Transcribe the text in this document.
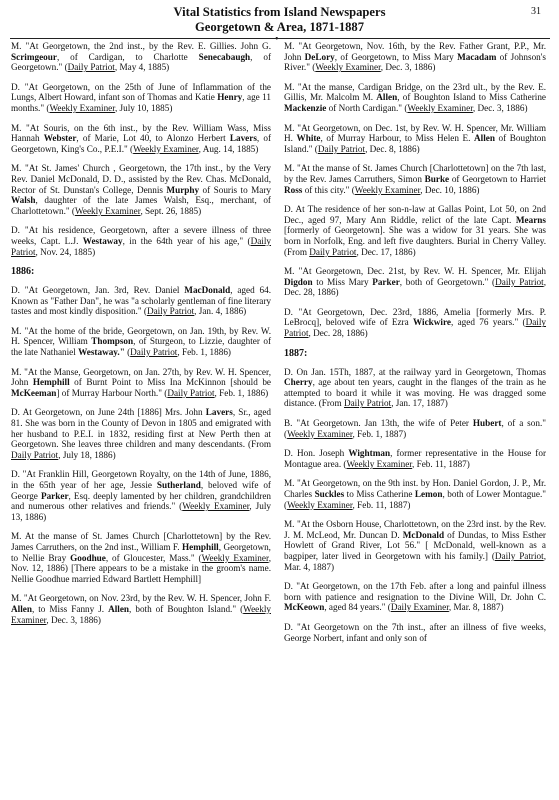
31
Vital Statistics from Island Newspapers
Georgetown & Area, 1871-1887
•

M. "At Georgetown, the 2nd inst., by the Rev. E. Gillies. John G. Scrimgeour, of Cardigan, to Charlotte Senecabaugh, of Georgetown." (Daily Patriot, May 4, 1885)

D. "At Georgetown, on the 25th of June of Inflammation of the Lungs, Albert Howard, infant son of Thomas and Katie Henry, age 11 months." (Weekly Examiner, July 10, 1885)

M. "At Souris, on the 6th inst., by the Rev. William Wass, Miss Hannah Webster, of Marie, Lot 40, to Alonzo Herbert Lavers, of Georgetown, King's Co., P.E.I." (Weekly Examiner, Aug. 14, 1885)

M. "At St. James' Church , Georgetown, the 17th inst., by the Very Rev. Daniel McDonald, D. D., assisted by the Rev. Chas. McDonald, Rector of St. Dunstan's College, Dennis Murphy of Souris to Mary Walsh, daughter of the late James Walsh, Esq., merchant, of Charlottetown." (Weekly Examiner, Sept. 26, 1885)

D. "At his residence, Georgetown, after a severe illness of three weeks, Capt. L.J. Westaway, in the 64th year of his age," (Daily Patriot, Nov. 24, 1885)

1886:

D. "At Georgetown, Jan. 3rd, Rev. Daniel MacDonald, aged 64. Known as "Father Dan", he was "a scholarly gentleman of fine literary tastes and most kindly disposition." (Daily Patriot, Jan. 4, 1886)

M. "At the home of the bride, Georgetown, on Jan. 19th, by Rev. W. H. Spencer, William Thompson, of Sturgeon, to Lizzie, daughter of the late Nathaniel Westaway." (Daily Patriot, Feb. 1, 1886)

M. "At the Manse, Georgetown, on Jan. 27th, by Rev. W. H. Spencer, John Hemphill of Burnt Point to Miss Ina McKinnon [should be McKeeman] of Murray Harbour North." (Daily Patriot, Feb. 1, 1886)

D. At Georgetown, on June 24th [1886] Mrs. John Lavers, Sr., aged 81. She was born in the County of Devon in 1805 and emigrated with her husband to P.E.I. in 1832, residing first at New Perth then at Georgetown. She leaves three children and many descendants. (From Daily Patriot, July 18, 1886)

D. "At Franklin Hill, Georgetown Royalty, on the 14th of June, 1886, in the 65th year of her age, Jessie Sutherland, beloved wife of George Parker, Esq. deeply lamented by her children, grandchildren and numerous other relatives and friends." (Weekly Examiner, July 13, 1886)

M. At the manse of St. James Church [Charlottetown] by the Rev. James Carruthers, on the 2nd inst., William F. Hemphill, Georgetown, to Nellie Bray Goodhue, of Gloucester, Mass." (Weekly Examiner, Nov. 12, 1886) [There appears to be a mistake in the groom's name. Nellie Goodhue married Edward Bartlett Hemphill]

M. "At Georgetown, on Nov. 23rd, by the Rev. W. H. Spencer, John F. Allen, to Miss Fanny J. Allen, both of Boughton Island." (Weekly Examiner, Dec. 3, 1886)

M. "At Georgetown, Nov. 16th, by the Rev. Father Grant, P.P., Mr. John DeLory, of Georgetown, to Miss Mary Macadam of Johnson's River." (Weekly Examiner, Dec. 3, 1886)

M. "At the manse, Cardigan Bridge, on the 23rd ult., by the Rev. E. Gillis, Mr. Malcolm M. Allen, of Boughton Island to Miss Catherine Mackenzie of North Cardigan." (Weekly Examiner, Dec. 3, 1886)

M. "At Georgetown, on Dec. 1st, by Rev. W. H. Spencer, Mr. William H. White, of Murray Harbour, to Miss Helen E. Allen of Boughton Island." (Daily Patriot, Dec. 8, 1886)

M. "At the manse of St. James Church [Charlottetown] on the 7th last, by the Rev. James Carruthers, Simon Burke of Georgetown to Harriet Ross of this city." (Weekly Examiner, Dec. 10, 1886)

D. At The residence of her son-n-law at Gallas Point, Lot 50, on 2nd Dec., aged 97, Mary Ann Riddle, relict of the late Capt. Mearns [formerly of Georgetown]. She was a widow for 31 years. She was born in Norfolk, Eng. and left five daughters. Burial in Cherry Valley. (From Daily Patriot, Dec. 17, 1886)

M. "At Georgetown, Dec. 21st, by Rev. W. H. Spencer, Mr. Elijah Digdon to Miss Mary Parker, both of Georgetown." (Daily Patriot, Dec. 28, 1886)

D. "At Georgetown, Dec. 23rd, 1886, Amelia [formerly Mrs. P. LeBrocq], beloved wife of Ezra Wickwire, aged 76 years." (Daily Patriot, Dec. 28, 1886)

1887:

D. On Jan. 15Th, 1887, at the railway yard in Georgetown, Thomas Cherry, age about ten years, caught in the flanges of the train as he attempted to board it while it was moving. He was dragged some distance. (From Daily Patriot, Jan. 17, 1887)

B. "At Georgetown. Jan 13th, the wife of Peter Hubert, of a son." (Weekly Examiner, Feb. 1, 1887)

D. Hon. Joseph Wightman, former representative in the House for Montague area. (Weekly Examiner, Feb. 11, 1887)

M. "At Georgetown, on the 9th inst. by Hon. Daniel Gordon, J. P., Mr. Charles Suckles to Miss Catherine Lemon, both of Lower Montague." (Weekly Examiner, Feb. 11, 1887)

M. "At the Osborn House, Charlottetown, on the 23rd inst. by the Rev. J. M. McLeod, Mr. Duncan D. McDonald of Dundas, to Miss Esther Howlett of Grand River, Lot 56." [ McDonald, well-known as a bagpiper, later lived in Georgetown with his family.] (Daily Patriot, Mar. 4, 1887)

D. "At Georgetown, on the 17th Feb. after a long and painful illness born with patience and resignation to the Divine Will, Dr. John C. McKeown, aged 84 years." (Daily Examiner, Mar. 8, 1887)

D. "At Georgetown on the 7th inst., after an illness of five weeks, George Norbert, infant and only son of
